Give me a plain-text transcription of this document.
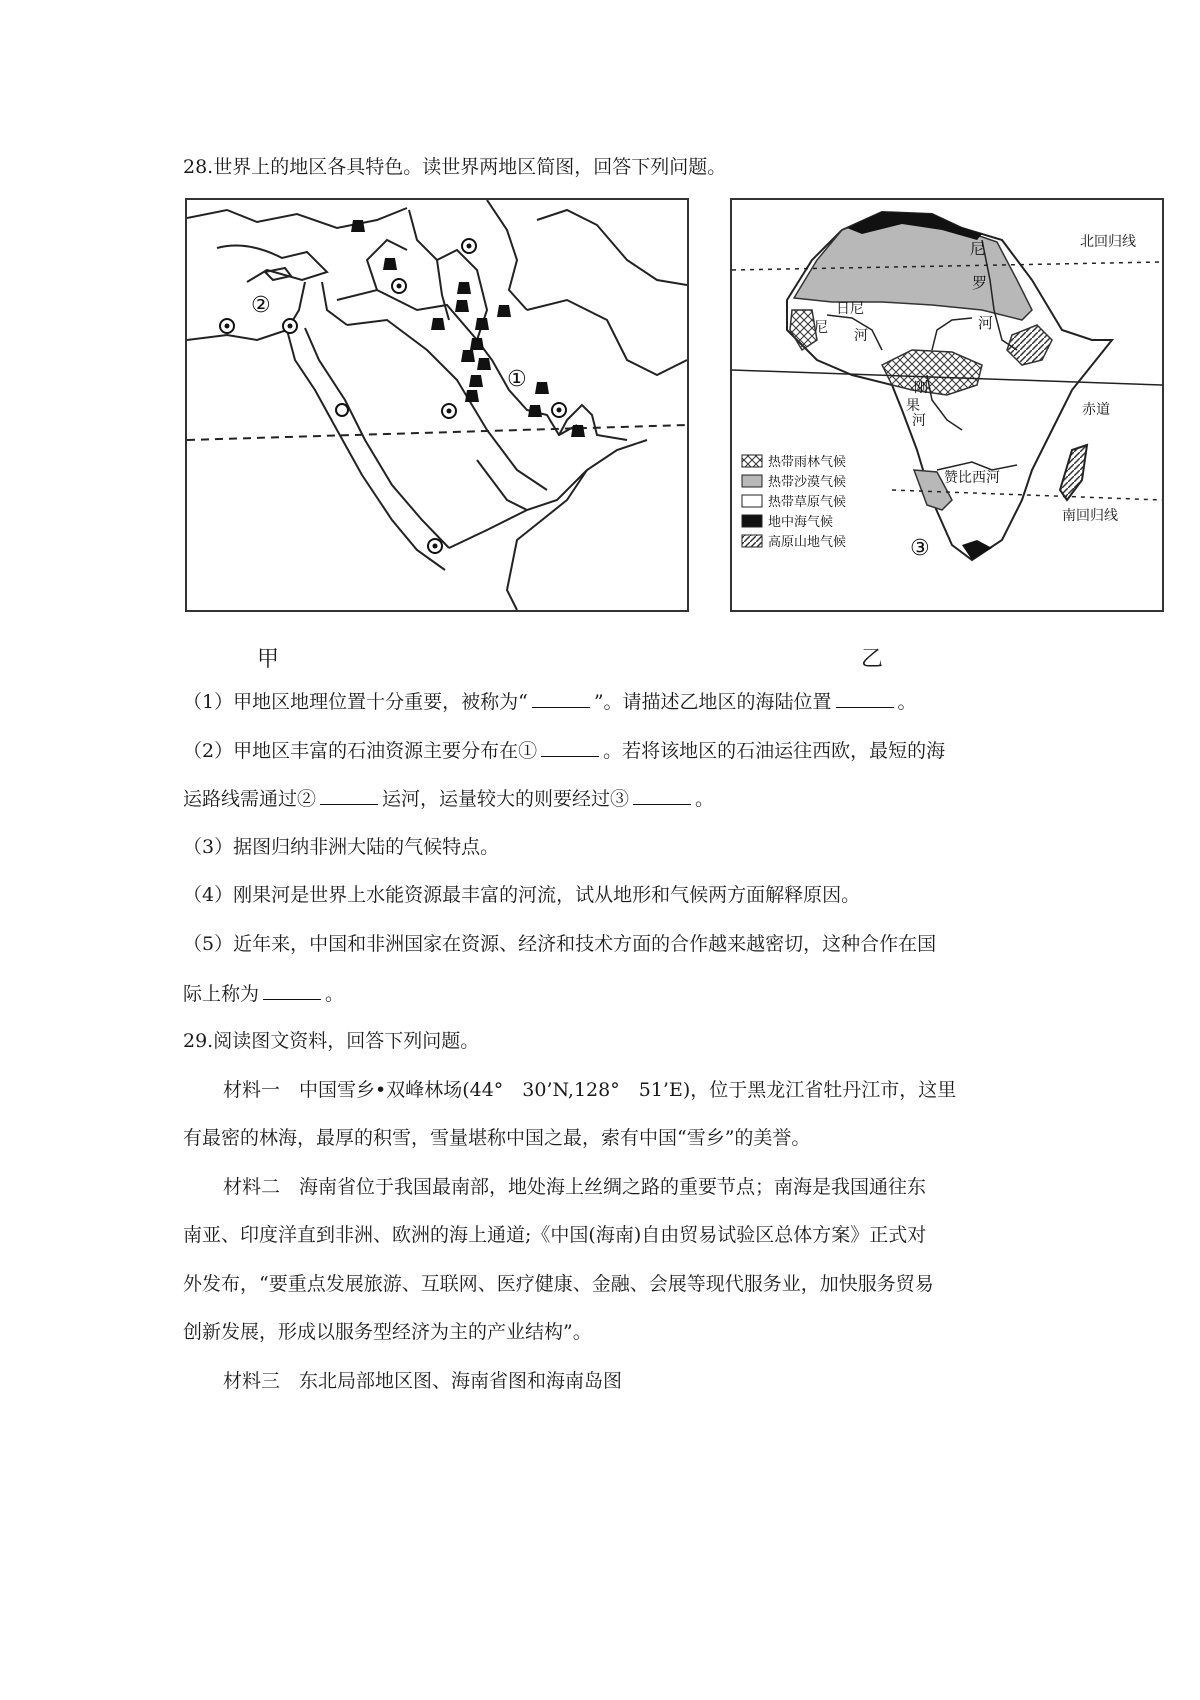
28.世界上的地区各具特色。读世界两地区简图，回答下列问题。
②
①
北回归线
赤道
南回归线
尼
罗
河
日尼
尼 河
刚
果
河
赞比西河
③
热带雨林气候
热带沙漠气候
热带草原气候
地中海气候
高原山地气候
甲	乙
（1）甲地区地理位置十分重要，被称为“	”。请描述乙地区的海陆位置	。
（2）甲地区丰富的石油资源主要分布在①	。若将该地区的石油运往西欧，最短的海
运路线需通过②	运河，运量较大的则要经过③	。
（3）据图归纳非洲大陆的气候特点。
（4）刚果河是世界上水能资源最丰富的河流，试从地形和气候两方面解释原因。
（5）近年来，中国和非洲国家在资源、经济和技术方面的合作越来越密切，这种合作在国
际上称为	。
29.阅读图文资料，回答下列问题。
材料一　中国雪乡•双峰林场(44°　30’N,128°　51’E)，位于黑龙江省牡丹江市，这里
有最密的林海，最厚的积雪，雪量堪称中国之最，索有中国“雪乡”的美誉。
材料二　海南省位于我国最南部，地处海上丝绸之路的重要节点；南海是我国通往东
南亚、印度洋直到非洲、欧洲的海上通道;《中国(海南)自由贸易试验区总体方案》正式对
外发布，“要重点发展旅游、互联网、医疗健康、金融、会展等现代服务业，加快服务贸易
创新发展，形成以服务型经济为主的产业结构”。
材料三　东北局部地区图、海南省图和海南岛图
